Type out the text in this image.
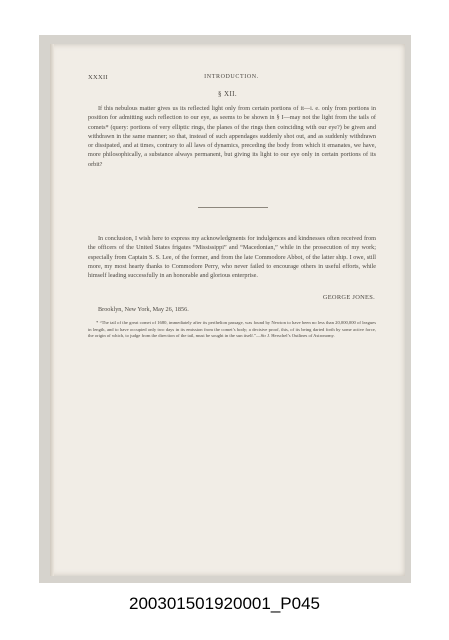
XXXII	INTRODUCTION.
§ XII.

If this nebulous matter gives us its reflected light only from certain portions of it—i. e. only from portions in position for admitting such reflection to our eye, as seems to be shown in § I—may not the light from the tails of comets* (query: portions of very elliptic rings, the planes of the rings then coinciding with our eye?) be given and withdrawn in the same manner; so that, instead of such appendages suddenly shot out, and as suddenly withdrawn or dissipated, and at times, contrary to all laws of dynamics, preceding the body from which it emanates, we have, more philosophically, a substance always permanent, but giving its light to our eye only in certain portions of its orbit?

In conclusion, I wish here to express my acknowledgments for indulgences and kindnesses often received from the officers of the United States frigates “Mississippi” and “Macedonian,” while in the prosecution of my work; especially from Captain S. S. Lee, of the former, and from the late Commodore Abbot, of the latter ship. I owe, still more, my most hearty thanks to Commodore Perry, who never failed to encourage others in useful efforts, while himself leading successfully in an honorable and glorious enterprise.

GEORGE JONES.
Brooklyn, New York, May 26, 1856.

* “The tail of the great comet of 1680, immediately after its perihelion passage, was found by Newton to have been no less than 20,000,000 of leagues in length, and to have occupied only two days in its emission from the comet’s body; a decisive proof, this, of its being darted forth by some active force, the origin of which, to judge from the direction of the tail, must be sought in the sun itself.”—Sir J. Herschel’s Outlines of Astronomy.

200301501920001_P045
